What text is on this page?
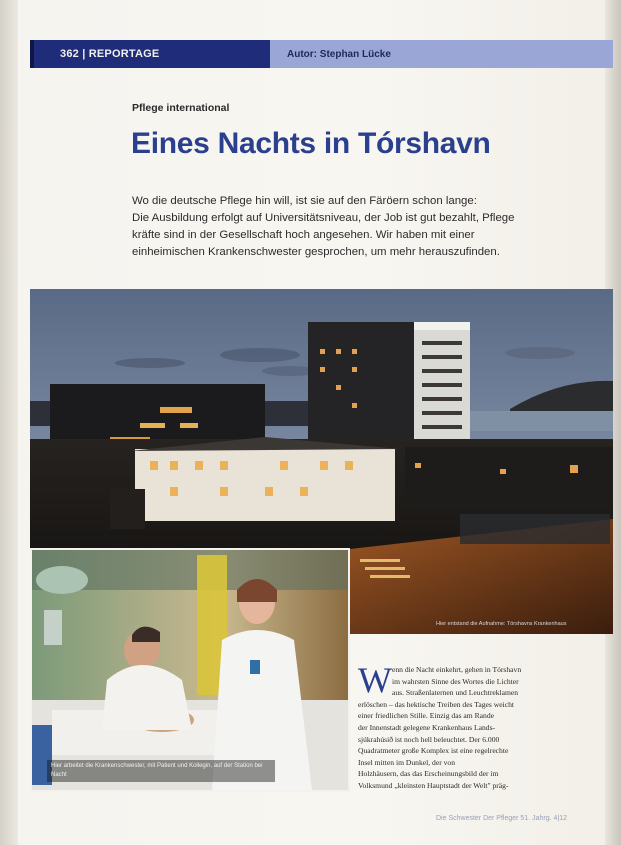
362 | REPORTAGE	Autor: Stephan Lücke
Pflege international
Eines Nachts in Tórshavn
Wo die deutsche Pflege hin will, ist sie auf den Färöern schon lange:
Die Ausbildung erfolgt auf Universitätsniveau, der Job ist gut bezahlt, Pflege
kräfte sind in der Gesellschaft hoch angesehen. Wir haben mit einer
einheimischen Krankenschwester gesprochen, um mehr herauszufinden.
Hier entstand die Aufnahme: Tórshavns Krankenhaus
Hier arbeitet die Krankenschwester, mit Patient und Kollegin, auf der Station bei Nacht
W enn die Nacht einkehrt, gehen in Tórshavn
im wahrsten Sinne des Wortes die Lichter
aus. Straßenlaternen und Leuchtreklamen
erlöschen – das hektische Treiben des Tages weicht
einer friedlichen Stille. Einzig das am Rande
der Innenstadt gelegene Krankenhaus Lands-
sjúkrahúsið ist noch hell beleuchtet. Der 6.000
Quadratmeter große Komplex ist eine regelrechte
Insel mitten im Dunkel, der von
Holzhäusern, das das Erscheinungsbild der im
Volksmund „kleinsten Hauptstadt der Welt" präg-
Die Schwester Der Pfleger 51. Jahrg. 4|12
